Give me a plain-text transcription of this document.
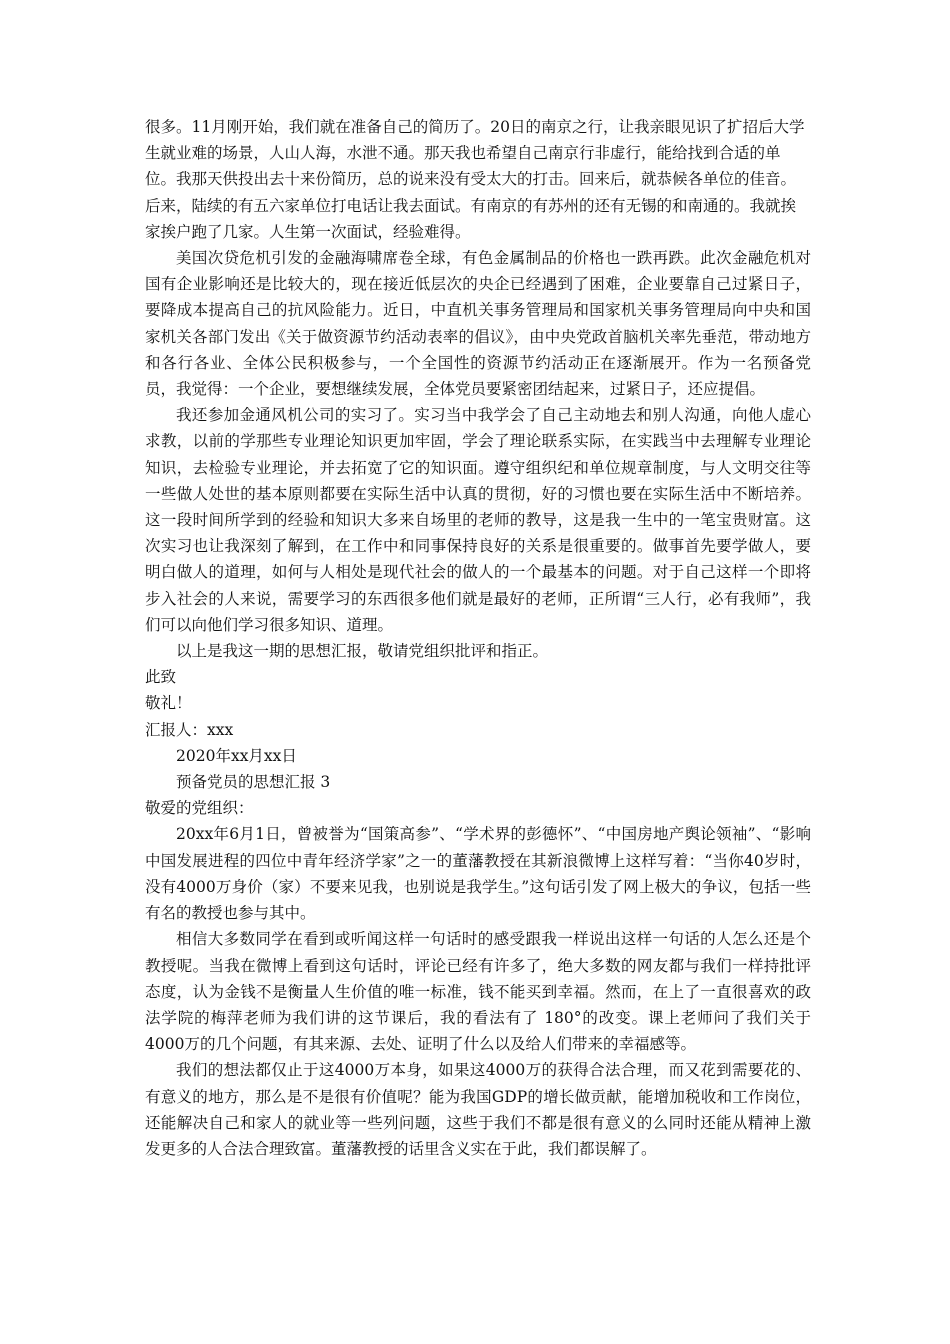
很多。11月刚开始，我们就在准备自己的简历了。20日的南京之行，让我亲眼见识了扩招后大学生就业难的场景，人山人海，水泄不通。那天我也希望自己南京行非虚行，能给找到合适的单位。我那天供投出去十来份简历，总的说来没有受太大的打击。回来后，就恭候各单位的佳音。后来，陆续的有五六家单位打电话让我去面试。有南京的有苏州的还有无锡的和南通的。我就挨家挨户跑了几家。人生第一次面试，经验难得。

美国次贷危机引发的金融海啸席卷全球，有色金属制品的价格也一跌再跌。此次金融危机对国有企业影响还是比较大的，现在接近低层次的央企已经遇到了困难，企业要靠自己过紧日子，要降成本提高自己的抗风险能力。近日，中直机关事务管理局和国家机关事务管理局向中央和国家机关各部门发出《关于做资源节约活动表率的倡议》，由中央党政首脑机关率先垂范，带动地方和各行各业、全体公民积极参与，一个全国性的资源节约活动正在逐渐展开。作为一名预备党员，我觉得：一个企业，要想继续发展，全体党员要紧密团结起来，过紧日子，还应提倡。

我还参加金通风机公司的实习了。实习当中我学会了自己主动地去和别人沟通，向他人虚心求教，以前的学那些专业理论知识更加牢固，学会了理论联系实际，在实践当中去理解专业理论知识，去检验专业理论，并去拓宽了它的知识面。遵守组织纪和单位规章制度，与人文明交往等一些做人处世的基本原则都要在实际生活中认真的贯彻，好的习惯也要在实际生活中不断培养。这一段时间所学到的经验和知识大多来自场里的老师的教导，这是我一生中的一笔宝贵财富。这次实习也让我深刻了解到，在工作中和同事保持良好的关系是很重要的。做事首先要学做人，要明白做人的道理，如何与人相处是现代社会的做人的一个最基本的问题。对于自己这样一个即将步入社会的人来说，需要学习的东西很多他们就是最好的老师，正所谓“三人行，必有我师”，我们可以向他们学习很多知识、道理。

以上是我这一期的思想汇报，敬请党组织批评和指正。

此致

敬礼！

汇报人：xxx

2020年xx月xx日

预备党员的思想汇报 3

敬爱的党组织：

20xx年6月1日，曾被誉为“国策高参”、“学术界的彭德怀”、“中国房地产舆论领袖”、“影响中国发展进程的四位中青年经济学家”之一的董藩教授在其新浪微博上这样写着：“当你40岁时，没有4000万身价（家）不要来见我，也别说是我学生。”这句话引发了网上极大的争议，包括一些有名的教授也参与其中。

相信大多数同学在看到或听闻这样一句话时的感受跟我一样说出这样一句话的人怎么还是个教授呢。当我在微博上看到这句话时，评论已经有许多了，绝大多数的网友都与我们一样持批评态度，认为金钱不是衡量人生价值的唯一标准，钱不能买到幸福。然而，在上了一直很喜欢的政法学院的梅萍老师为我们讲的这节课后，我的看法有了 180°的改变。课上老师问了我们关于4000万的几个问题，有其来源、去处、证明了什么以及给人们带来的幸福感等。

我们的想法都仅止于这4000万本身，如果这4000万的获得合法合理，而又花到需要花的、有意义的地方，那么是不是很有价值呢？能为我国GDP的增长做贡献，能增加税收和工作岗位，还能解决自己和家人的就业等一些列问题，这些于我们不都是很有意义的么同时还能从精神上激发更多的人合法合理致富。董藩教授的话里含义实在于此，我们都误解了。
